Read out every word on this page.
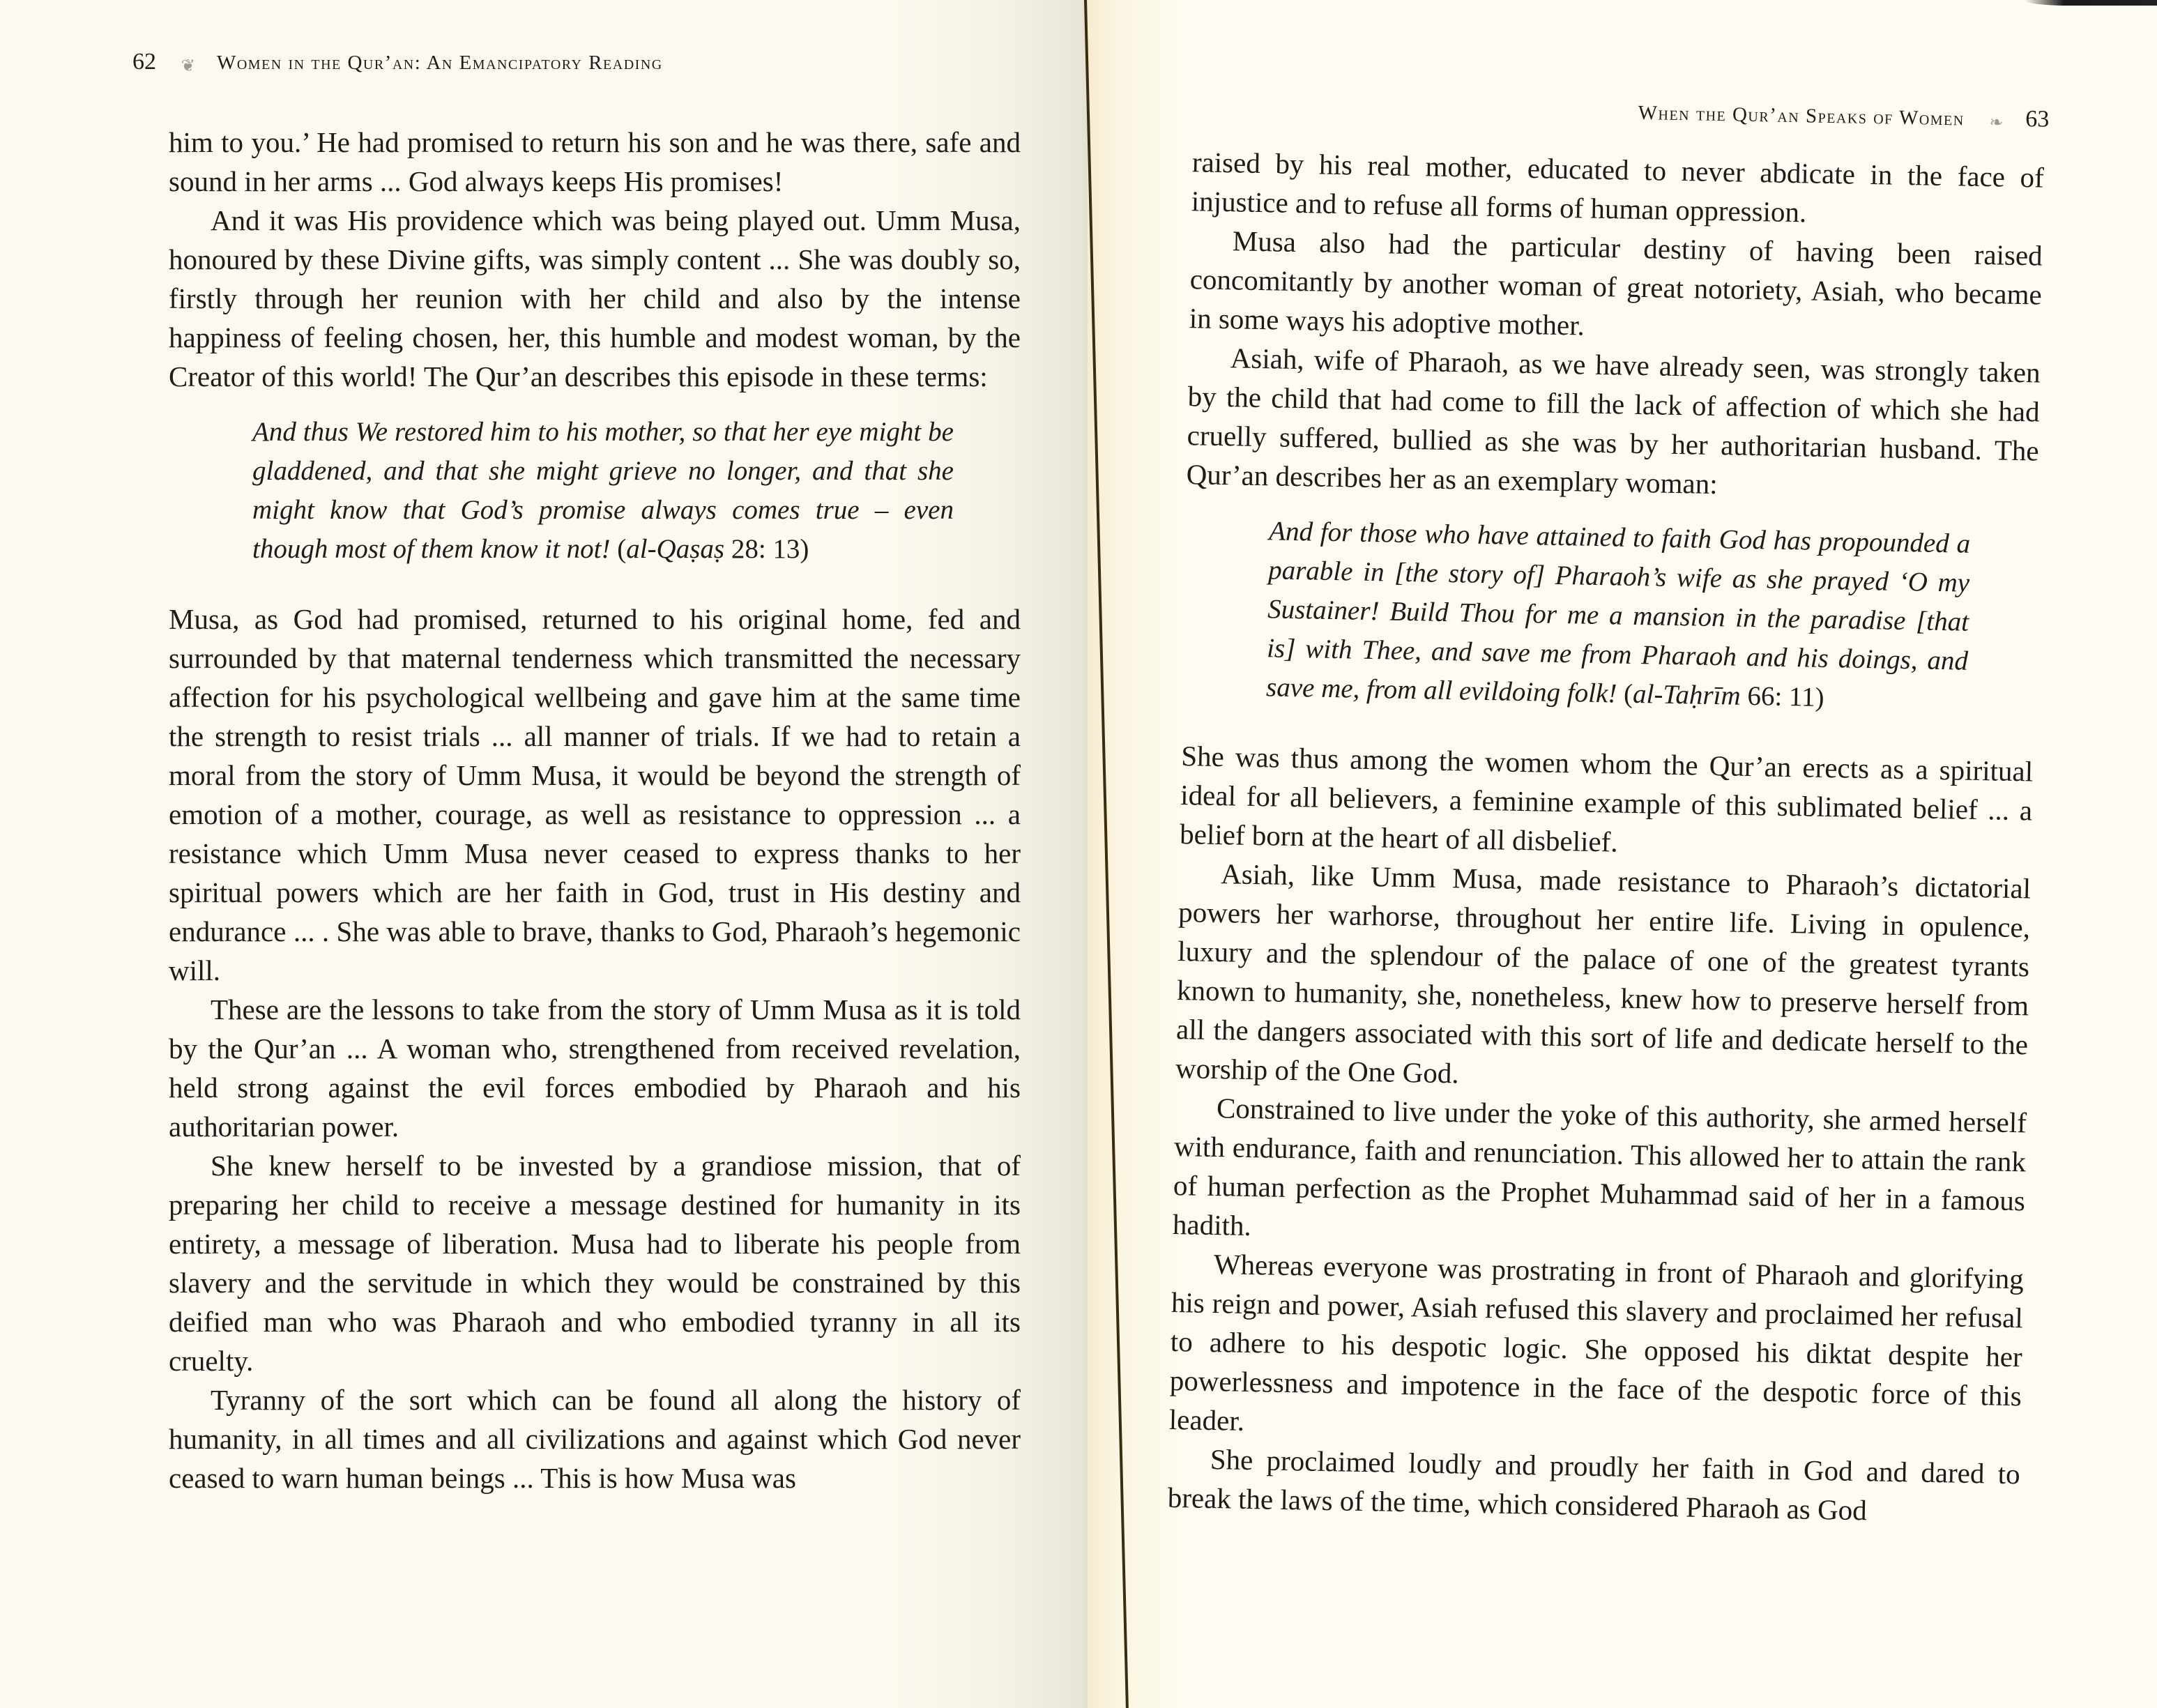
62 ❦ Women in the Qur’an: An Emancipatory Reading

him to you.’ He had promised to return his son and he was there, safe and sound in her arms ... God always keeps His promises!

And it was His providence which was being played out. Umm Musa, honoured by these Divine gifts, was simply content ... She was doubly so, firstly through her reunion with her child and also by the intense happiness of feeling chosen, her, this humble and modest woman, by the Creator of this world! The Qur’an describes this episode in these terms:

And thus We restored him to his mother, so that her eye might be gladdened, and that she might grieve no longer, and that she might know that God’s promise always comes true – even though most of them know it not! (al-Qaṣaṣ 28: 13)

Musa, as God had promised, returned to his original home, fed and surrounded by that maternal tenderness which transmitted the necessary affection for his psychological wellbeing and gave him at the same time the strength to resist trials ... all manner of trials. If we had to retain a moral from the story of Umm Musa, it would be beyond the strength of emotion of a mother, courage, as well as resistance to oppression ... a resistance which Umm Musa never ceased to express thanks to her spiritual powers which are her faith in God, trust in His destiny and endurance ... . She was able to brave, thanks to God, Pharaoh’s hegemonic will.

These are the lessons to take from the story of Umm Musa as it is told by the Qur’an ... A woman who, strengthened from received revelation, held strong against the evil forces embodied by Pharaoh and his authoritarian power.

She knew herself to be invested by a grandiose mission, that of preparing her child to receive a message destined for humanity in its entirety, a message of liberation. Musa had to liberate his people from slavery and the servitude in which they would be constrained by this deified man who was Pharaoh and who embodied tyranny in all its cruelty.

Tyranny of the sort which can be found all along the history of humanity, in all times and all civilizations and against which God never ceased to warn human beings ... This is how Musa was

When the Qur’an Speaks of Women ❧ 63

raised by his real mother, educated to never abdicate in the face of injustice and to refuse all forms of human oppression.

Musa also had the particular destiny of having been raised concomitantly by another woman of great notoriety, Asiah, who became in some ways his adoptive mother.

Asiah, wife of Pharaoh, as we have already seen, was strongly taken by the child that had come to fill the lack of affection of which she had cruelly suffered, bullied as she was by her authoritarian husband. The Qur’an describes her as an exemplary woman:

And for those who have attained to faith God has propounded a parable in [the story of] Pharaoh’s wife as she prayed ‘O my Sustainer! Build Thou for me a mansion in the paradise [that is] with Thee, and save me from Pharaoh and his doings, and save me, from all evildoing folk! (al-Taḥrīm 66: 11)

She was thus among the women whom the Qur’an erects as a spiritual ideal for all believers, a feminine example of this sublimated belief ... a belief born at the heart of all disbelief.

Asiah, like Umm Musa, made resistance to Pharaoh’s dictatorial powers her warhorse, throughout her entire life. Living in opulence, luxury and the splendour of the palace of one of the greatest tyrants known to humanity, she, nonetheless, knew how to preserve herself from all the dangers associated with this sort of life and dedicate herself to the worship of the One God.

Constrained to live under the yoke of this authority, she armed herself with endurance, faith and renunciation. This allowed her to attain the rank of human perfection as the Prophet Muhammad said of her in a famous hadith.

Whereas everyone was prostrating in front of Pharaoh and glorifying his reign and power, Asiah refused this slavery and proclaimed her refusal to adhere to his despotic logic. She opposed his diktat despite her powerlessness and impotence in the face of the despotic force of this leader.

She proclaimed loudly and proudly her faith in God and dared to break the laws of the time, which considered Pharaoh as God
